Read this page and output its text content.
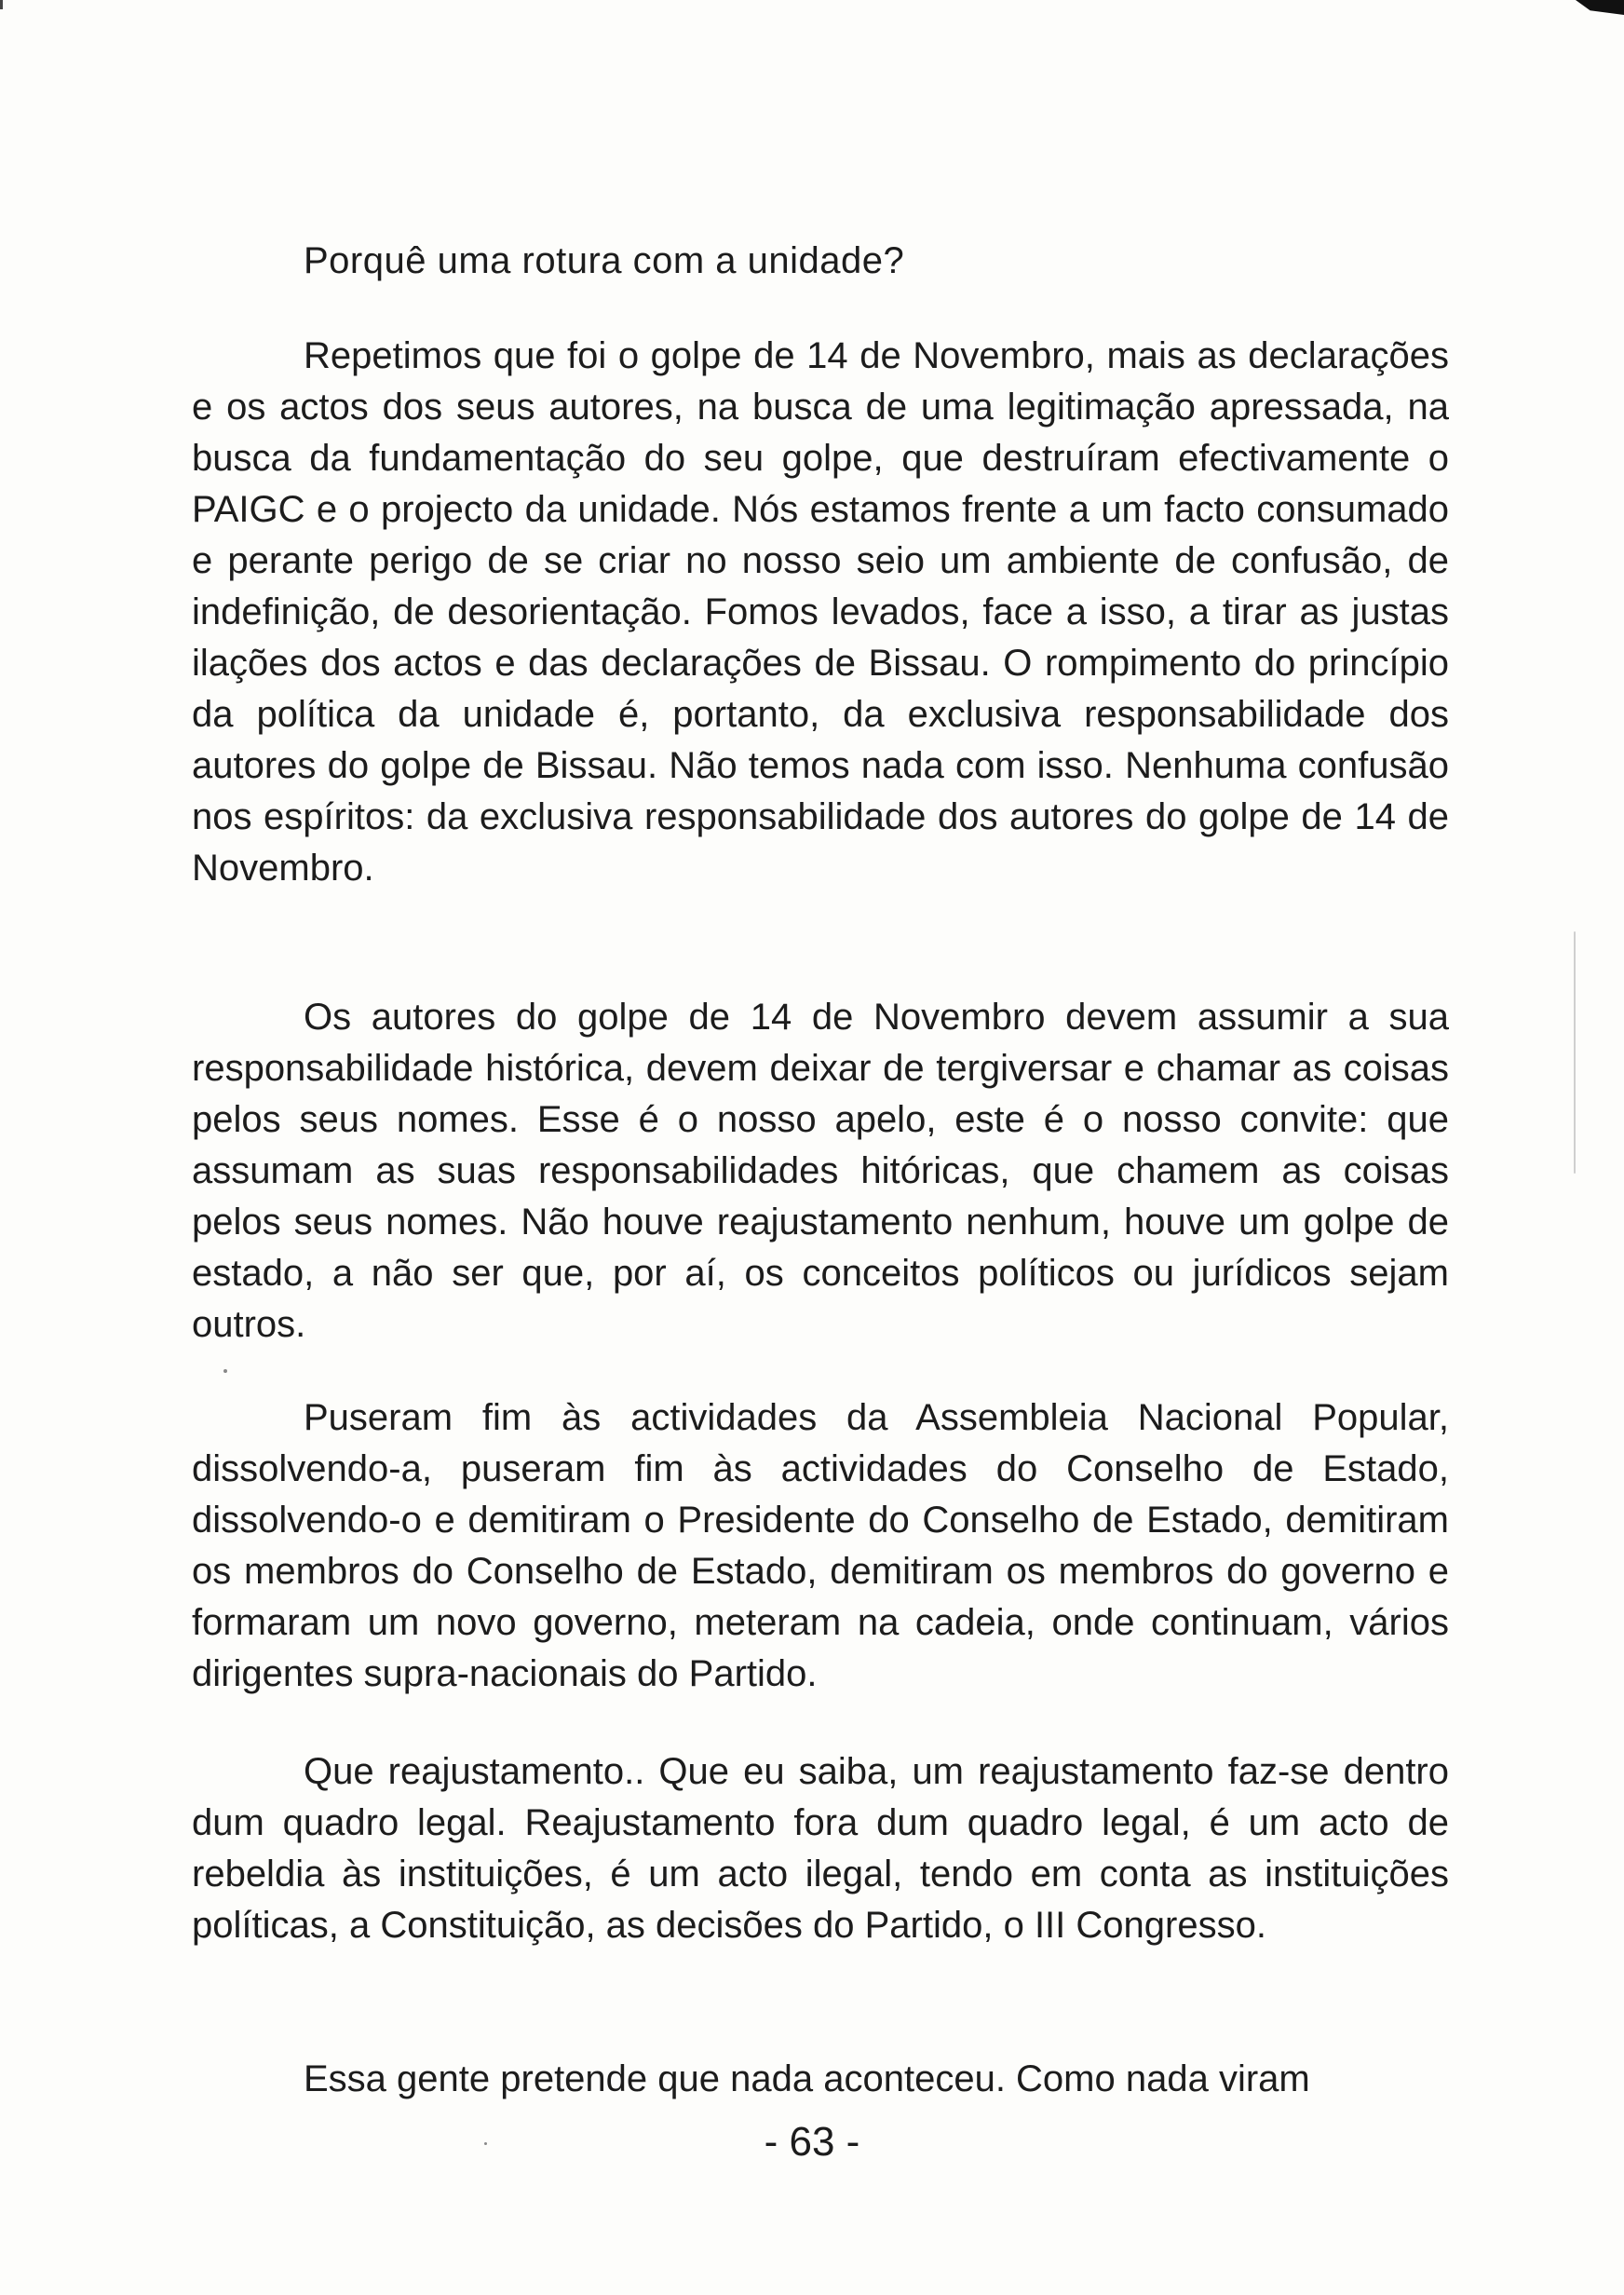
Porquê uma rotura com a unidade?
Repetimos que foi o golpe de 14 de Novembro, mais as declarações e os actos dos seus autores, na busca de uma legitimação apressada, na busca da fundamentação do seu golpe, que destruíram efectivamente o PAIGC e o projecto da unidade. Nós estamos frente a um facto consumado e perante perigo de se criar no nosso seio um ambiente de confusão, de indefinição, de desorientação. Fomos levados, face a isso, a tirar as justas ilações dos actos e das declarações de Bissau. O rompimento do princípio da política da unidade é, portanto, da exclusiva responsabilidade dos autores do golpe de Bissau. Não temos nada com isso. Nenhuma confusão nos espíritos: da exclusiva responsabilidade dos autores do golpe de 14 de Novembro.
Os autores do golpe de 14 de Novembro devem assumir a sua responsabilidade histórica, devem deixar de tergiversar e chamar as coisas pelos seus nomes. Esse é o nosso apelo, este é o nosso convite: que assumam as suas responsabilidades hitóricas, que chamem as coisas pelos seus nomes. Não houve reajustamento nenhum, houve um golpe de estado, a não ser que, por aí, os conceitos políticos ou jurídicos sejam outros.
Puseram fim às actividades da Assembleia Nacional Popular, dissolvendo-a, puseram fim às actividades do Conselho de Estado, dissolvendo-o e demitiram o Presidente do Conselho de Estado, demitiram os membros do Conselho de Estado, demitiram os membros do governo e formaram um novo governo, meteram na cadeia, onde continuam, vários dirigentes supra-nacionais do Partido.
Que reajustamento.. Que eu saiba, um reajustamento faz-se dentro dum quadro legal. Reajustamento fora dum quadro legal, é um acto de rebeldia às instituições, é um acto ilegal, tendo em conta as instituições políticas, a Constituição, as decisões do Partido, o III Congresso.
Essa gente pretende que nada aconteceu. Como nada viram
- 63 -
